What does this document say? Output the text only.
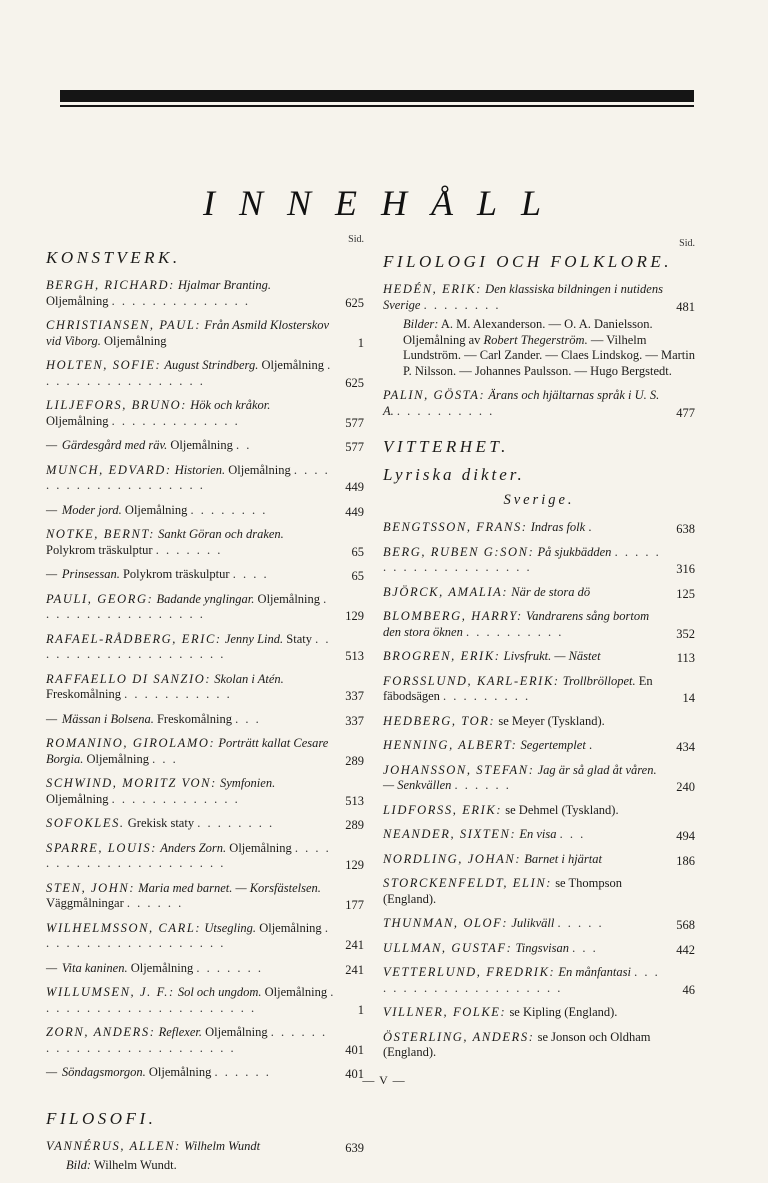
INNEHÅLL
Sid.
KONSTVERK.
BERGH, RICHARD: Hjalmar Branting. Oljemålning . . . . . . . . . . . . . .	625
CHRISTIANSEN, PAUL: Från Asmild Klosterskov vid Viborg. Oljemålning	1
HOLTEN, SOFIE: August Strindberg. Oljemålning . . . . . . . . . . . . . . . . .	625
LILJEFORS, BRUNO: Hök och kråkor. Oljemålning . . . . . . . . . . . . .	577
— Gärdesgård med räv. Oljemålning . .	577
MUNCH, EDVARD: Historien. Oljemålning . . . . . . . . . . . . . . . . . . . .	449
— Moder jord. Oljemålning . . . . . . . .	449
NOTKE, BERNT: Sankt Göran och draken. Polykrom träskulptur . . . . . . .	65
— Prinsessan. Polykrom träskulptur . . . .	65
PAULI, GEORG: Badande ynglingar. Oljemålning . . . . . . . . . . . . . . . . .	129
RAFAEL-RÅDBERG, ERIC: Jenny Lind. Staty . . . . . . . . . . . . . . . . . . . .	513
RAFFAELLO DI SANZIO: Skolan i Atén. Freskomålning . . . . . . . . . . .	337
— Mässan i Bolsena. Freskomålning . . .	337
ROMANINO, GIROLAMO: Porträtt kallat Cesare Borgia. Oljemålning . . .	289
SCHWIND, MORITZ VON: Symfonien. Oljemålning . . . . . . . . . . . . .	513
SOFOKLES. Grekisk staty . . . . . . . .	289
SPARRE, LOUIS: Anders Zorn. Oljemålning . . . . . . . . . . . . . . . . . . . . . .	129
STEN, JOHN: Maria med barnet. — Korsfästelsen. Väggmålningar . . . . . .	177
WILHELMSSON, CARL: Utsegling. Oljemålning . . . . . . . . . . . . . . . . . . .	241
— Vita kaninen. Oljemålning . . . . . . .	241
WILLUMSEN, J. F.: Sol och ungdom. Oljemålning . . . . . . . . . . . . . . . . . . . . . .	1
ZORN, ANDERS: Reflexer. Oljemålning . . . . . . . . . . . . . . . . . . . . . . . . .	401
— Söndagsmorgon. Oljemålning . . . . . .	401
FILOSOFI.
VANNÉRUS, ALLEN: Wilhelm Wundt	639
Bild: Wilhelm Wundt.
Sid.
FILOLOGI OCH FOLKLORE.
HEDÉN, ERIK: Den klassiska bildningen i nutidens Sverige . . . . . . . .	481
Bilder: A. M. Alexanderson. — O. A. Danielsson. Oljemålning av Robert Thegerström. — Vilhelm Lundström. — Carl Zander. — Claes Lindskog. — Martin P. Nilsson. — Johannes Paulsson. — Hugo Bergstedt.
PALIN, GÖSTA: Ärans och hjältarnas språk i U. S. A. . . . . . . . . . .	477
VITTERHET.
Lyriska dikter.
Sverige.
BENGTSSON, FRANS: Indras folk .	638
BERG, RUBEN G:SON: På sjukbädden . . . . . . . . . . . . . . . . . . . .	316
BJÖRCK, AMALIA: När de stora dö	125
BLOMBERG, HARRY: Vandrarens sång bortom den stora öknen . . . . . . . . . .	352
BROGREN, ERIK: Livsfrukt. — Nästet	113
FORSSLUND, KARL-ERIK: Trollbröllopet. En fäbodsägen . . . . . . . . .	14
HEDBERG, TOR: se Meyer (Tyskland).
HENNING, ALBERT: Segertemplet .	434
JOHANSSON, STEFAN: Jag är så glad åt våren. — Senkvällen . . . . . .	240
LIDFORSS, ERIK: se Dehmel (Tyskland).
NEANDER, SIXTEN: En visa . . .	494
NORDLING, JOHAN: Barnet i hjärtat	186
STORCKENFELDT, ELIN: se Thompson (England).
THUNMAN, OLOF: Julikväll . . . . .	568
ULLMAN, GUSTAF: Tingsvisan . . .	442
VETTERLUND, FREDRIK: En månfantasi . . . . . . . . . . . . . . . . . . . . .	46
VILLNER, FOLKE: se Kipling (England).
ÖSTERLING, ANDERS: se Jonson och Oldham (England).
— V —
